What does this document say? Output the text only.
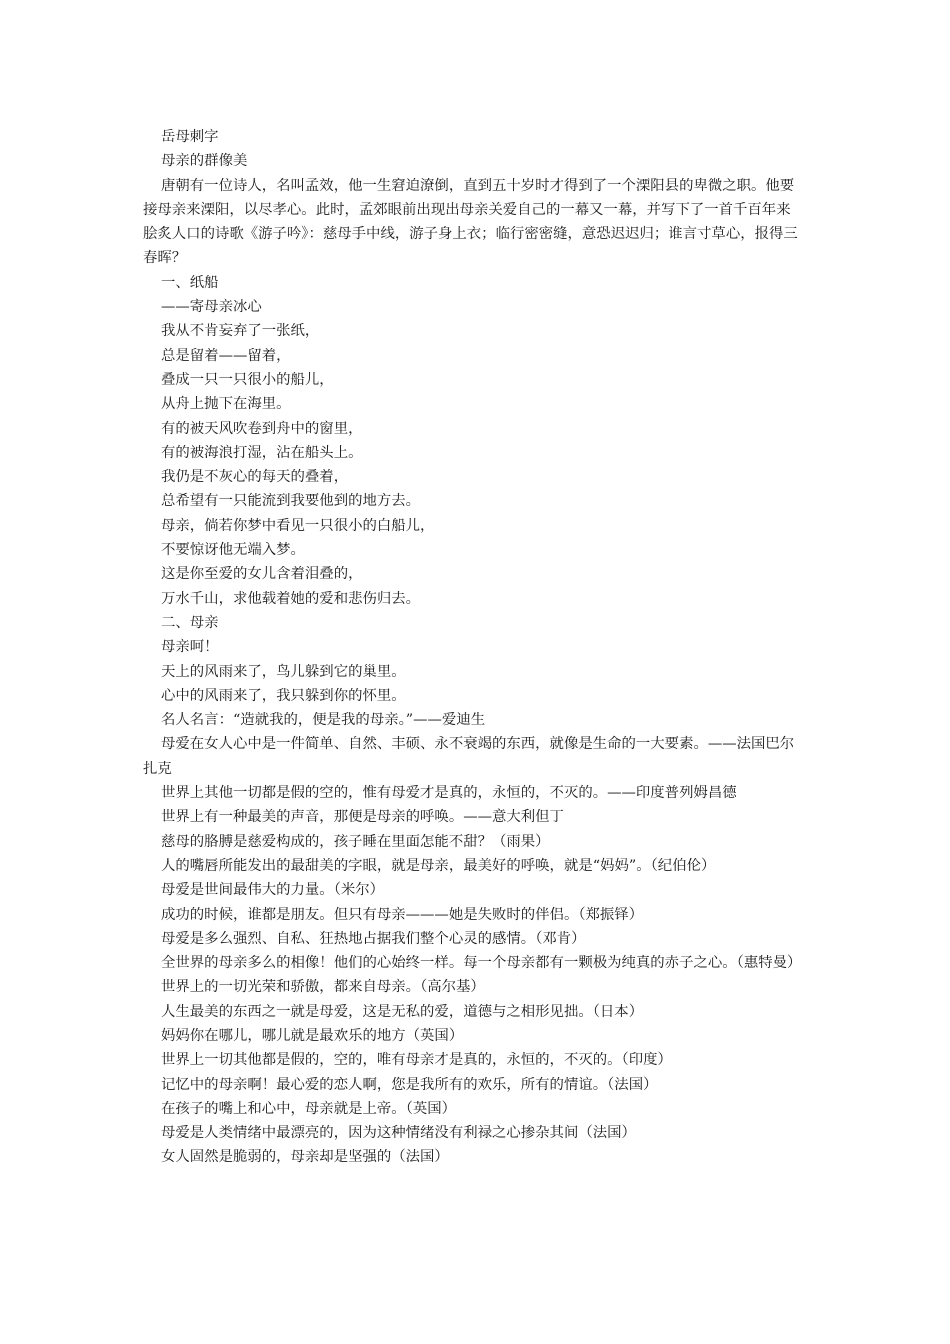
岳母刺字

母亲的群像美

唐朝有一位诗人，名叫孟效，他一生窘迫潦倒，直到五十岁时才得到了一个溧阳县的卑微之职。他要接母亲来溧阳，以尽孝心。此时，孟郊眼前出现出母亲关爱自己的一幕又一幕，并写下了一首千百年来脍炙人口的诗歌《游子吟》：慈母手中线，游子身上衣；临行密密缝，意恐迟迟归；谁言寸草心，报得三春晖？

一、纸船

——寄母亲冰心

我从不肯妄弃了一张纸，

总是留着——留着，

叠成一只一只很小的船儿，

从舟上抛下在海里。

有的被天风吹卷到舟中的窗里，

有的被海浪打湿，沾在船头上。

我仍是不灰心的每天的叠着，

总希望有一只能流到我要他到的地方去。

母亲，倘若你梦中看见一只很小的白船儿，

不要惊讶他无端入梦。

这是你至爱的女儿含着泪叠的，

万水千山，求他载着她的爱和悲伤归去。

二、母亲

母亲呵！

天上的风雨来了，鸟儿躲到它的巢里。

心中的风雨来了，我只躲到你的怀里。

名人名言：“造就我的，便是我的母亲。”——爱迪生

母爱在女人心中是一件简单、自然、丰硕、永不衰竭的东西，就像是生命的一大要素。——法国巴尔扎克

世界上其他一切都是假的空的，惟有母爱才是真的，永恒的，不灭的。——印度普列姆昌德

世界上有一种最美的声音，那便是母亲的呼唤。——意大利但丁

慈母的胳膊是慈爱构成的，孩子睡在里面怎能不甜？（雨果）

人的嘴唇所能发出的最甜美的字眼，就是母亲，最美好的呼唤，就是“妈妈”。（纪伯伦）

母爱是世间最伟大的力量。（米尔）

成功的时候，谁都是朋友。但只有母亲———她是失败时的伴侣。（郑振铎）

母爱是多么强烈、自私、狂热地占据我们整个心灵的感情。（邓肯）

全世界的母亲多么的相像！他们的心始终一样。每一个母亲都有一颗极为纯真的赤子之心。（惠特曼）

世界上的一切光荣和骄傲，都来自母亲。（高尔基）

人生最美的东西之一就是母爱，这是无私的爱，道德与之相形见拙。（日本）

妈妈你在哪儿，哪儿就是最欢乐的地方（英国）

世界上一切其他都是假的，空的，唯有母亲才是真的，永恒的，不灭的。（印度）

记忆中的母亲啊！最心爱的恋人啊，您是我所有的欢乐，所有的情谊。（法国）

在孩子的嘴上和心中，母亲就是上帝。（英国）

母爱是人类情绪中最漂亮的，因为这种情绪没有利禄之心掺杂其间（法国）

女人固然是脆弱的，母亲却是坚强的（法国）
